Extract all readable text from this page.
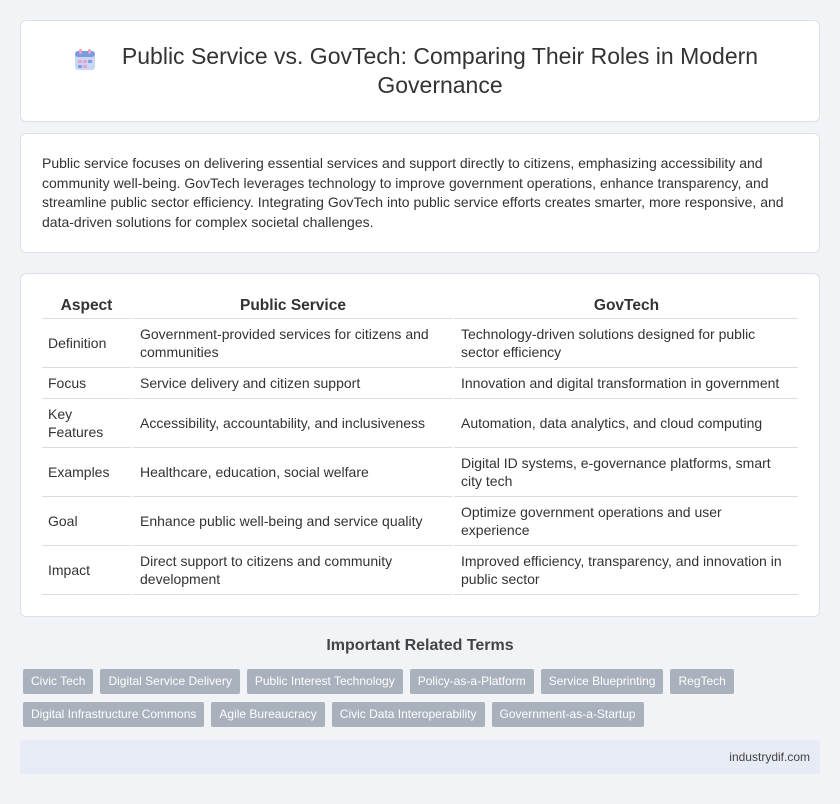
Public Service vs. GovTech: Comparing Their Roles in Modern Governance

Public service focuses on delivering essential services and support directly to citizens, emphasizing accessibility and community well-being. GovTech leverages technology to improve government operations, enhance transparency, and streamline public sector efficiency. Integrating GovTech into public service efforts creates smarter, more responsive, and data-driven solutions for complex societal challenges.

Aspect	Public Service	GovTech
Definition	Government-provided services for citizens and communities	Technology-driven solutions designed for public sector efficiency
Focus	Service delivery and citizen support	Innovation and digital transformation in government
Key Features	Accessibility, accountability, and inclusiveness	Automation, data analytics, and cloud computing
Examples	Healthcare, education, social welfare	Digital ID systems, e-governance platforms, smart city tech
Goal	Enhance public well-being and service quality	Optimize government operations and user experience
Impact	Direct support to citizens and community development	Improved efficiency, transparency, and innovation in public sector
Important Related Terms
Civic Tech	Digital Service Delivery	Public Interest Technology	Policy-as-a-Platform	Service Blueprinting	RegTech
Digital Infrastructure Commons	Agile Bureaucracy	Civic Data Interoperability	Government-as-a-Startup
industrydif.com
